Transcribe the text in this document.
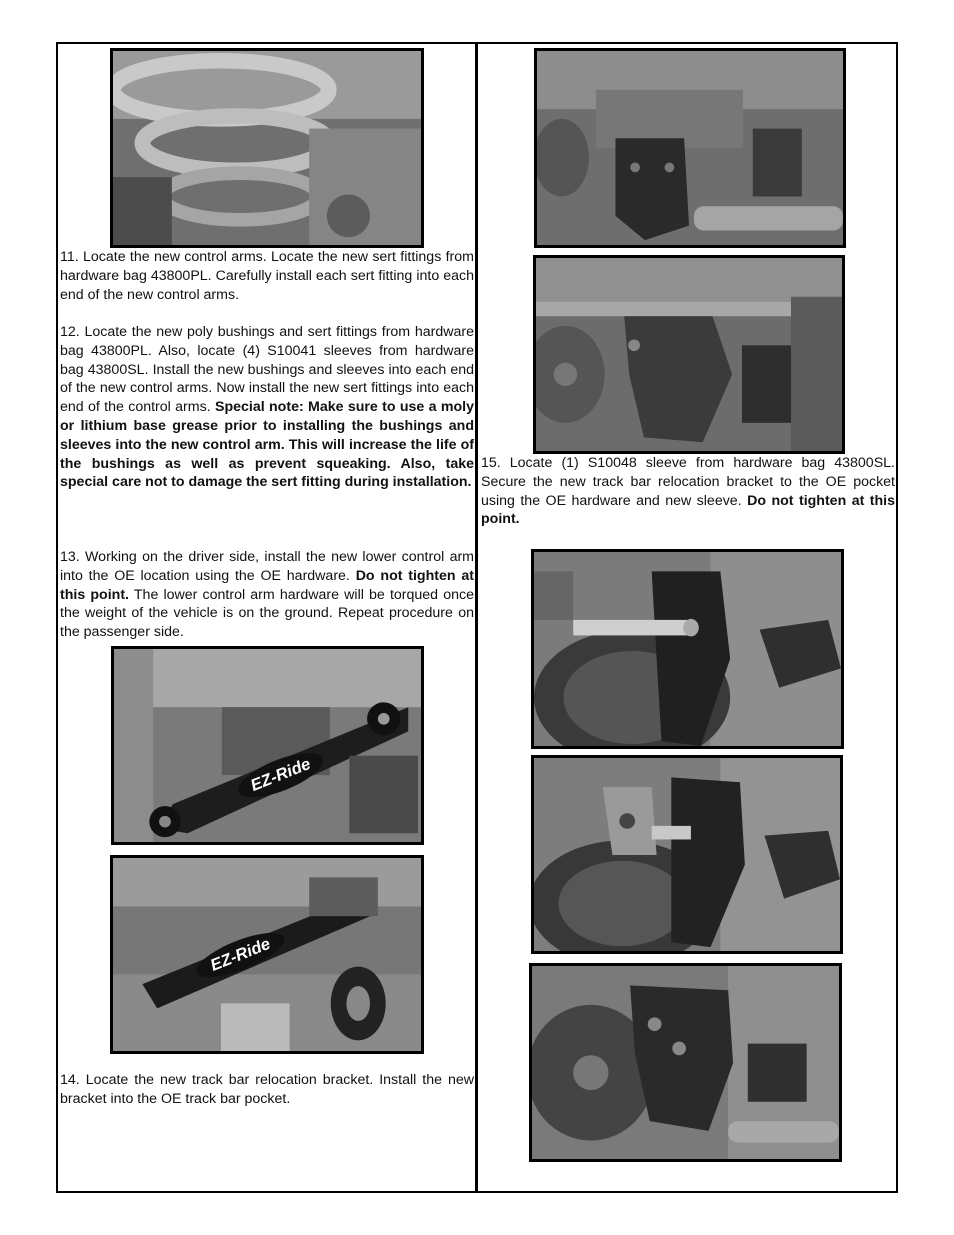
11. Locate the new control arms. Locate the new sert fittings from hardware bag 43800PL. Carefully install each sert fitting into each end of the new control arms.
12. Locate the new poly bushings and sert fittings from hardware bag 43800PL. Also, locate (4) S10041 sleeves from hardware bag 43800SL. Install the new bushings and sleeves into each end of the new control arms. Now install the new sert fittings into each end of the control arms. Special note: Make sure to use a moly or lithium base grease prior to installing the bushings and sleeves into the new control arm. This will increase the life of the bushings as well as prevent squeaking. Also, take special care not to damage the sert fitting during installation.
13. Working on the driver side, install the new lower control arm into the OE location using the OE hardware. Do not tighten at this point. The lower control arm hardware will be torqued once the weight of the vehicle is on the ground. Repeat procedure on the passenger side.
EZ-Ride
EZ-Ride
14. Locate the new track bar relocation bracket. Install the new bracket into the OE track bar pocket.
15. Locate (1) S10048 sleeve from hardware bag 43800SL. Secure the new track bar relocation bracket to the OE pocket using the OE hardware and new sleeve. Do not tighten at this point.
